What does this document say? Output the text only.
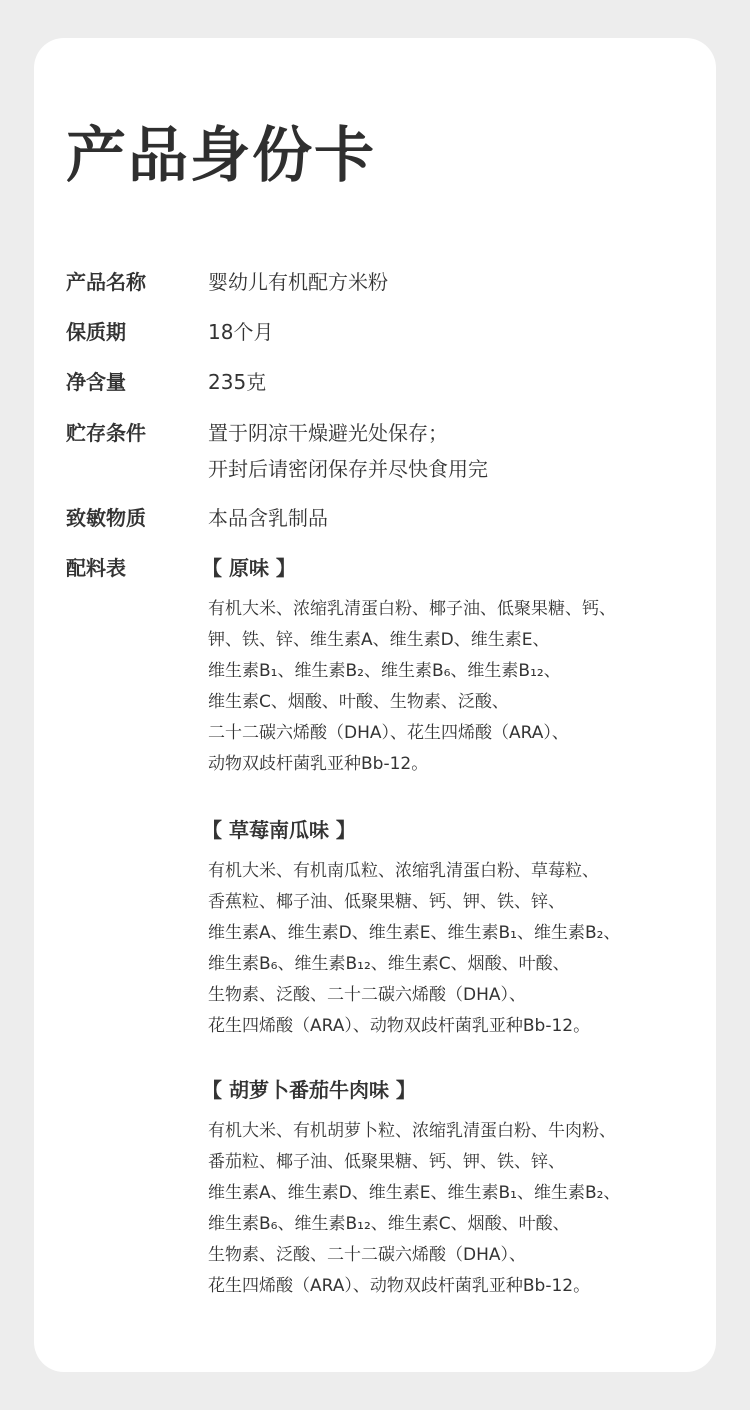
产品身份卡
产品名称	婴幼儿有机配方米粉
保质期	18个月
净含量	235克
贮存条件	置于阴凉干燥避光处保存；
开封后请密闭保存并尽快食用完
致敏物质	本品含乳制品
配料表	【 原味 】
有机大米、浓缩乳清蛋白粉、椰子油、低聚果糖、钙、
钾、铁、锌、维生素A、维生素D、维生素E、
维生素B₁、维生素B₂、维生素B₆、维生素B₁₂、
维生素C、烟酸、叶酸、生物素、泛酸、
二十二碳六烯酸（DHA）、花生四烯酸（ARA）、
动物双歧杆菌乳亚种Bb-12。
【 草莓南瓜味 】
有机大米、有机南瓜粒、浓缩乳清蛋白粉、草莓粒、
香蕉粒、椰子油、低聚果糖、钙、钾、铁、锌、
维生素A、维生素D、维生素E、维生素B₁、维生素B₂、
维生素B₆、维生素B₁₂、维生素C、烟酸、叶酸、
生物素、泛酸、二十二碳六烯酸（DHA）、
花生四烯酸（ARA）、动物双歧杆菌乳亚种Bb-12。
【 胡萝卜番茄牛肉味 】
有机大米、有机胡萝卜粒、浓缩乳清蛋白粉、牛肉粉、
番茄粒、椰子油、低聚果糖、钙、钾、铁、锌、
维生素A、维生素D、维生素E、维生素B₁、维生素B₂、
维生素B₆、维生素B₁₂、维生素C、烟酸、叶酸、
生物素、泛酸、二十二碳六烯酸（DHA）、
花生四烯酸（ARA）、动物双歧杆菌乳亚种Bb-12。
